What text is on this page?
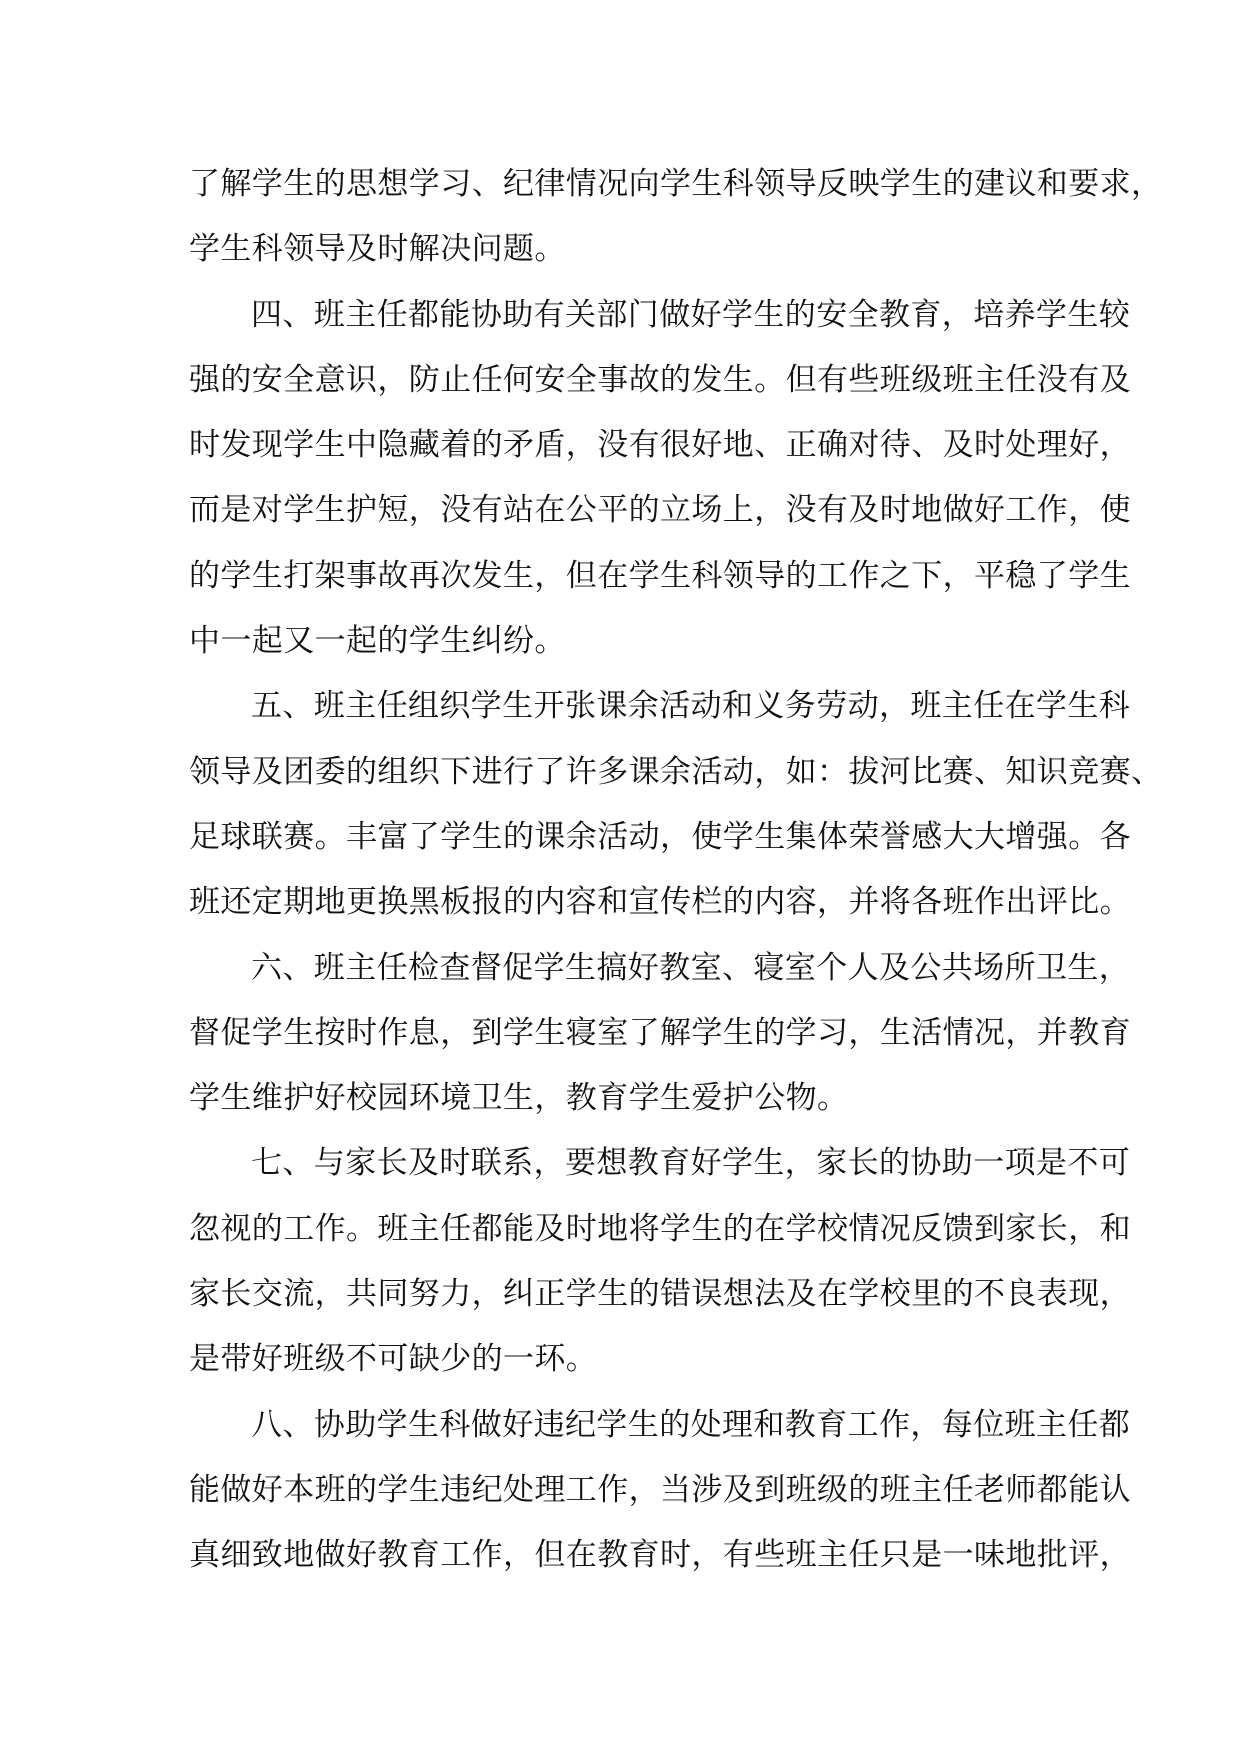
了解学生的思想学习、纪律情况向学生科领导反映学生的建议和要求，
学生科领导及时解决问题。
四、班主任都能协助有关部门做好学生的安全教育，培养学生较
强的安全意识，防止任何安全事故的发生。但有些班级班主任没有及
时发现学生中隐藏着的矛盾，没有很好地、正确对待、及时处理好，
而是对学生护短，没有站在公平的立场上，没有及时地做好工作，使
的学生打架事故再次发生，但在学生科领导的工作之下，平稳了学生
中一起又一起的学生纠纷。
五、班主任组织学生开张课余活动和义务劳动，班主任在学生科
领导及团委的组织下进行了许多课余活动，如：拔河比赛、知识竞赛、
足球联赛。丰富了学生的课余活动，使学生集体荣誉感大大增强。各
班还定期地更换黑板报的内容和宣传栏的内容，并将各班作出评比。
六、班主任检查督促学生搞好教室、寝室个人及公共场所卫生，
督促学生按时作息，到学生寝室了解学生的学习，生活情况，并教育
学生维护好校园环境卫生，教育学生爱护公物。
七、与家长及时联系，要想教育好学生，家长的协助一项是不可
忽视的工作。班主任都能及时地将学生的在学校情况反馈到家长，和
家长交流，共同努力，纠正学生的错误想法及在学校里的不良表现，
是带好班级不可缺少的一环。
八、协助学生科做好违纪学生的处理和教育工作，每位班主任都
能做好本班的学生违纪处理工作，当涉及到班级的班主任老师都能认
真细致地做好教育工作，但在教育时，有些班主任只是一味地批评，
